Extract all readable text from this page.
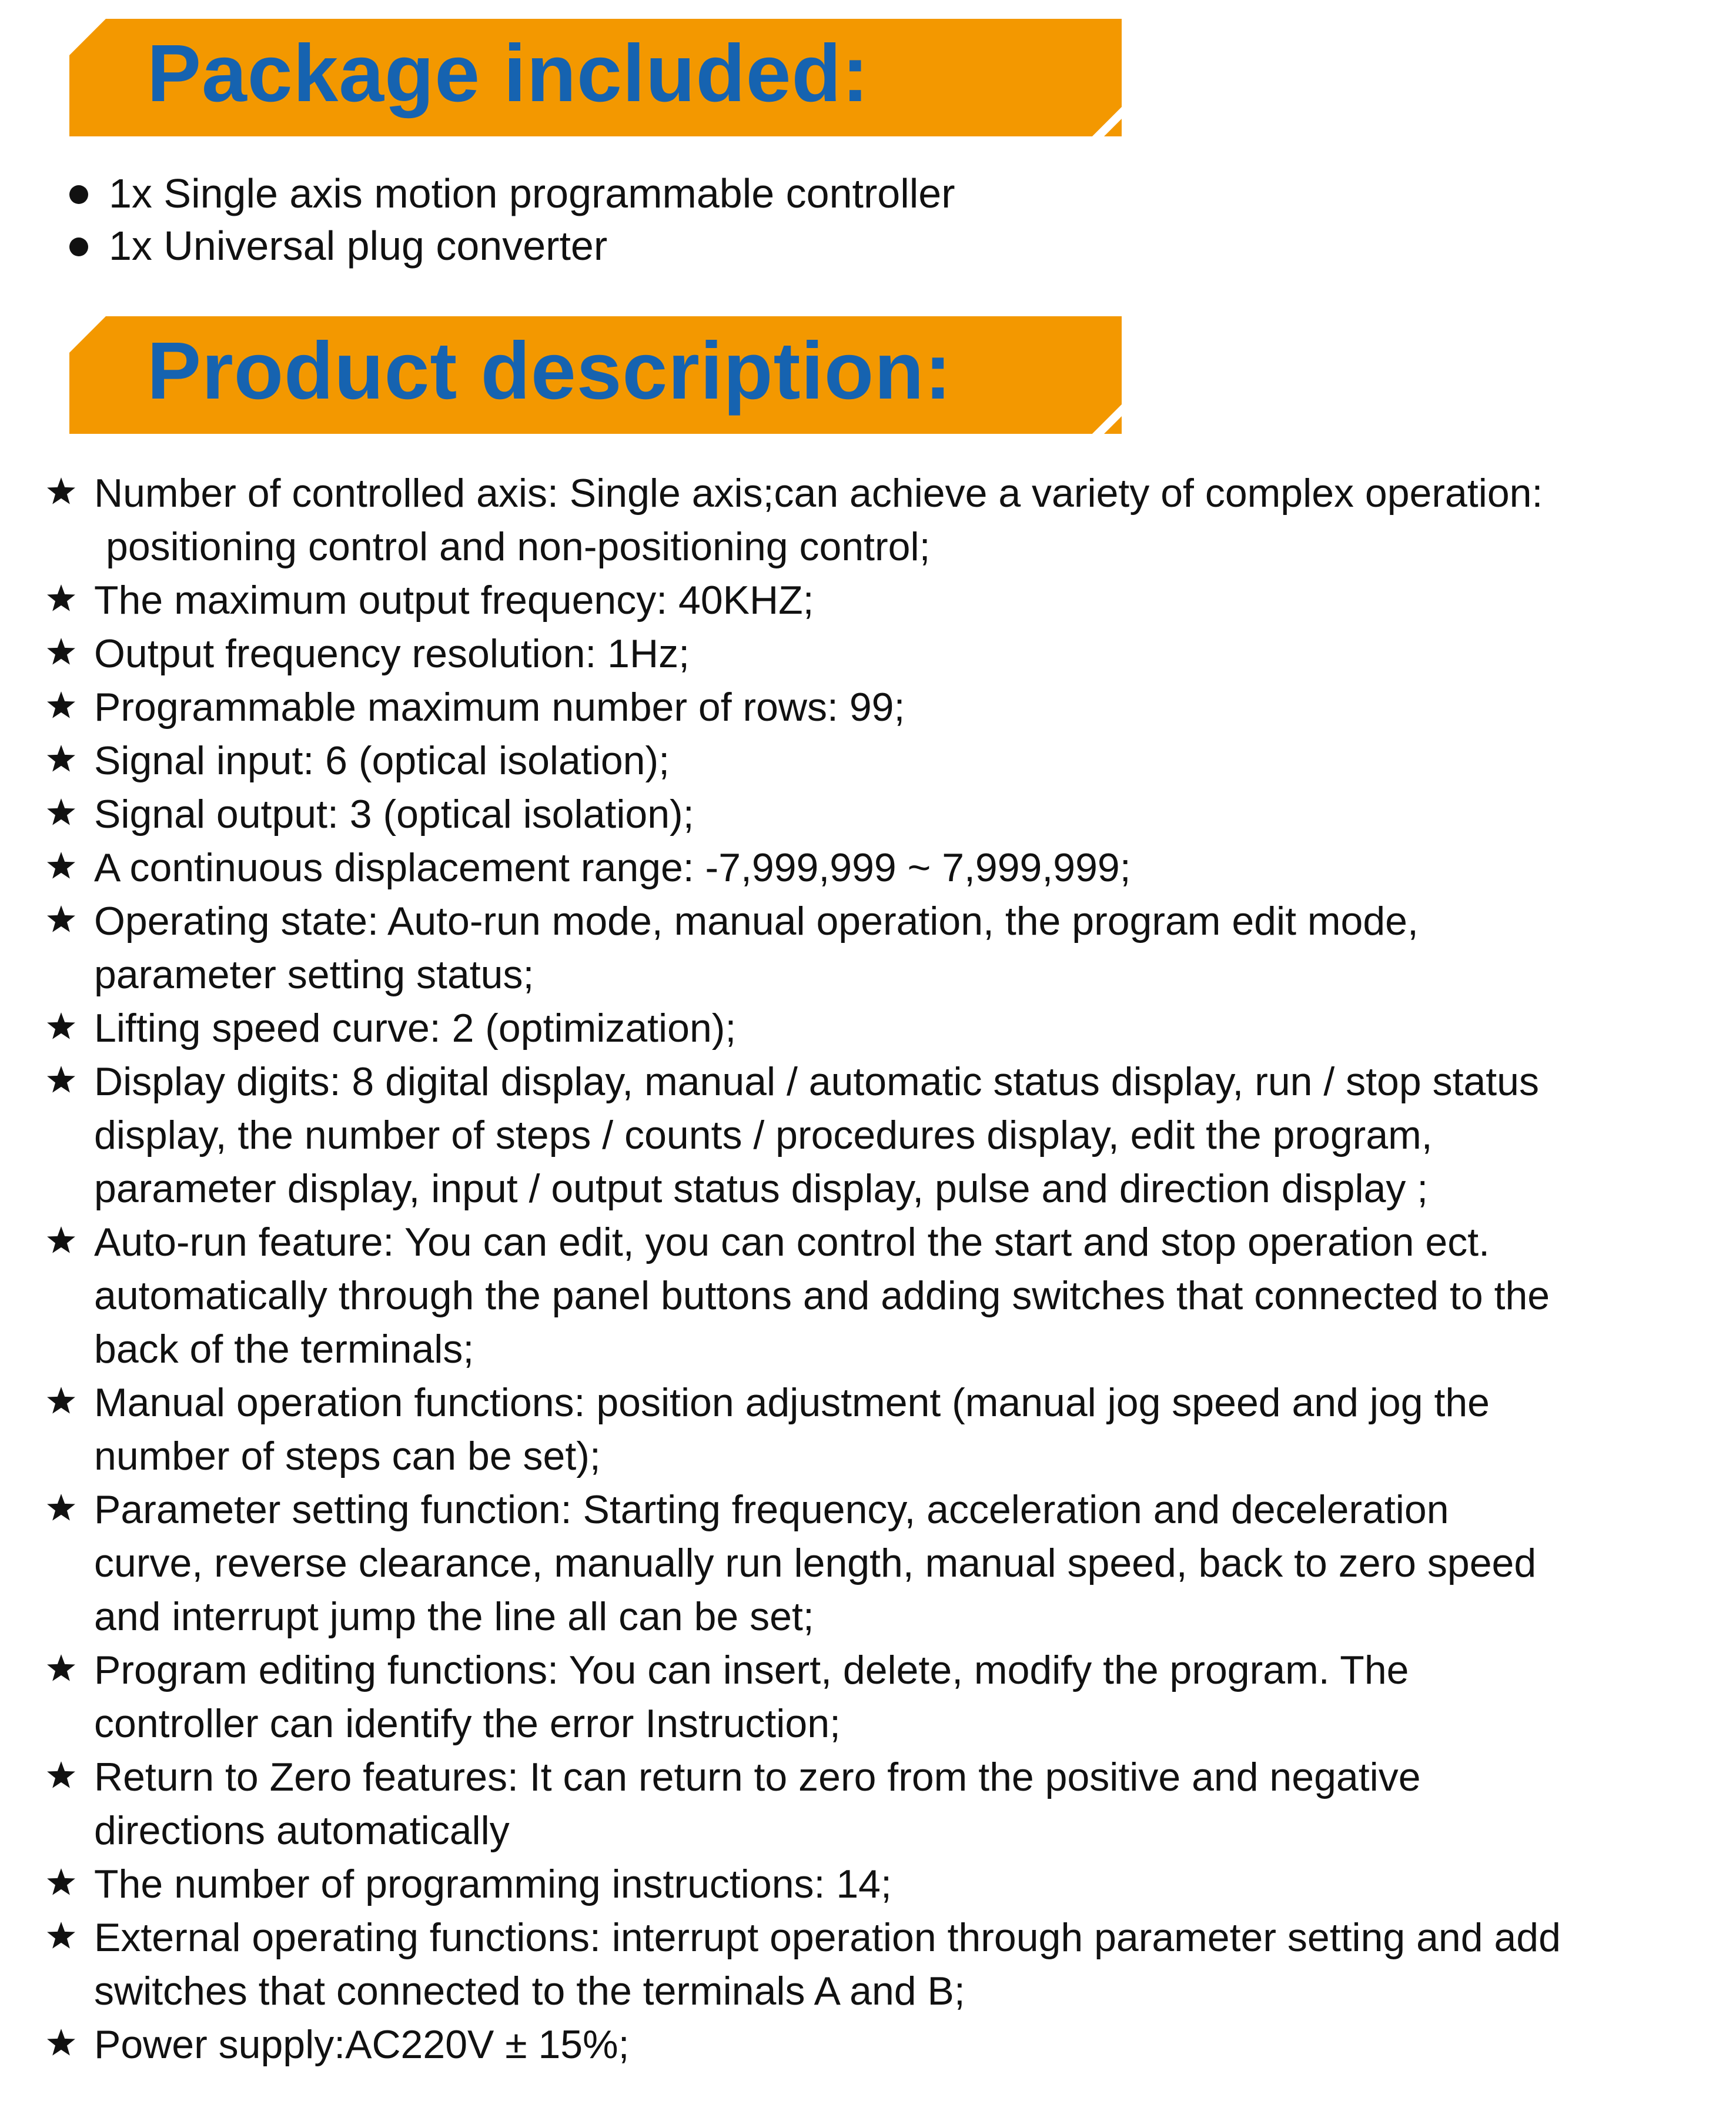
Package included:
1x Single axis motion programmable controller
1x Universal plug converter
Product description:
Number of controlled axis: Single axis;can achieve a variety of complex operation:
positioning control and non-positioning control;
The maximum output frequency: 40KHZ;
Output frequency resolution: 1Hz;
Programmable maximum number of rows: 99;
Signal input: 6 (optical isolation);
Signal output: 3 (optical isolation);
A continuous displacement range: -7,999,999 ~ 7,999,999;
Operating state: Auto-run mode, manual operation, the program edit mode,
parameter setting status;
Lifting speed curve: 2 (optimization);
Display digits: 8 digital display, manual / automatic status display, run / stop status
display, the number of steps / counts / procedures display, edit the program,
parameter display, input / output status display, pulse and direction display ;
Auto-run feature: You can edit, you can control the start and stop operation ect.
automatically through the panel buttons and adding switches that connected to the
back of the terminals;
Manual operation functions: position adjustment (manual jog speed and jog the
number of steps can be set);
Parameter setting function: Starting frequency, acceleration and deceleration
curve, reverse clearance, manually run length, manual speed, back to zero speed
and interrupt jump the line all can be set;
Program editing functions: You can insert, delete, modify the program. The
controller can identify the error Instruction;
Return to Zero features: It can return to zero from the positive and negative
directions automatically
The number of programming instructions: 14;
External operating functions: interrupt operation through parameter setting and add
switches that connected to the terminals A and B;
Power supply:AC220V ± 15%;
